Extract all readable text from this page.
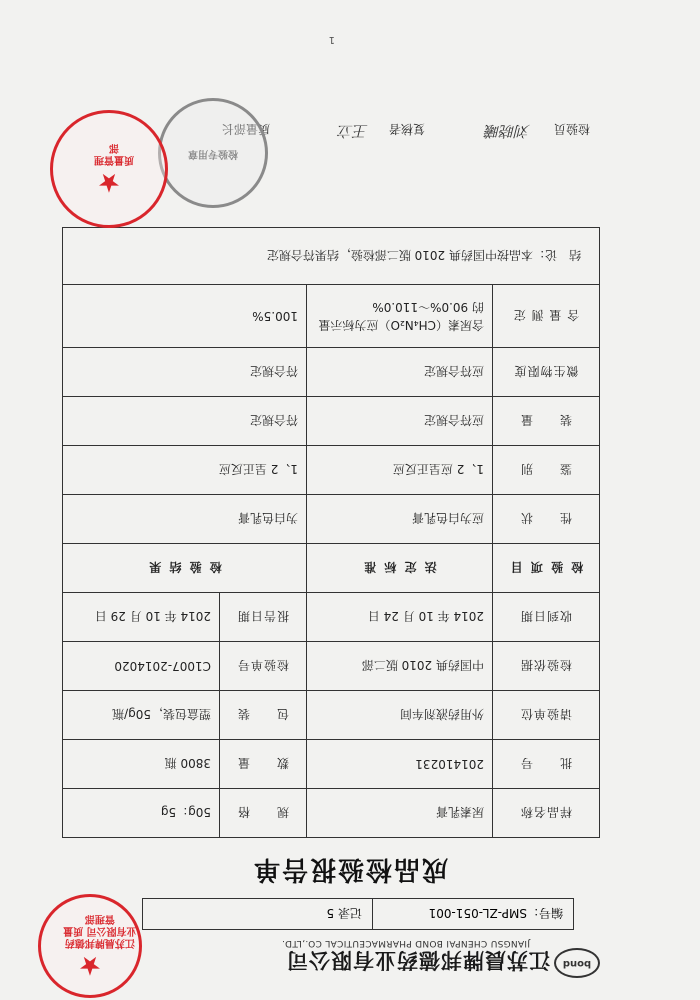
bond
江苏晨牌邦德药业有限公司
JIANGSU CHENPAI BOND PHARMACEUTICAL CO.,LTD.
★
江苏晨牌邦德药业有限公司 质量管理部	编号：SMP-ZL-051-001
记录 5
成品检验报告单
样品名称	尿素乳膏	规　　格	50g：5g
批　　号	201410231	数　　量	3800 瓶
请验单位	外用药液剂车间	包　　装	塑盒包装，50g/瓶
检验依据	中国药典 2010 版二部	检验单号	C1007-2014020
收到日期	2014 年 10 月 24 日	报告日期	2014 年 10 月 29 日
检 验 项 目	法 定 标 准	检 验 结 果	
性　　状	应为白色乳膏	为白色乳膏	
鉴　　别	1、2 应呈正反应	1、2 呈正反应	
装　　量	应符合规定	符合规定	
微生物限度	应符合规定	符合规定	
含 量 测 定	含尿素（CH₄N₂O）应为标示量的 90.0%～110.0%	100.5%	
结　论：本品按中国药典 2010 版二部检验，结果符合规定			
检验员
刘晓曦
复核者
王立
质量部长
检验专用章
★
质量管理部
1
